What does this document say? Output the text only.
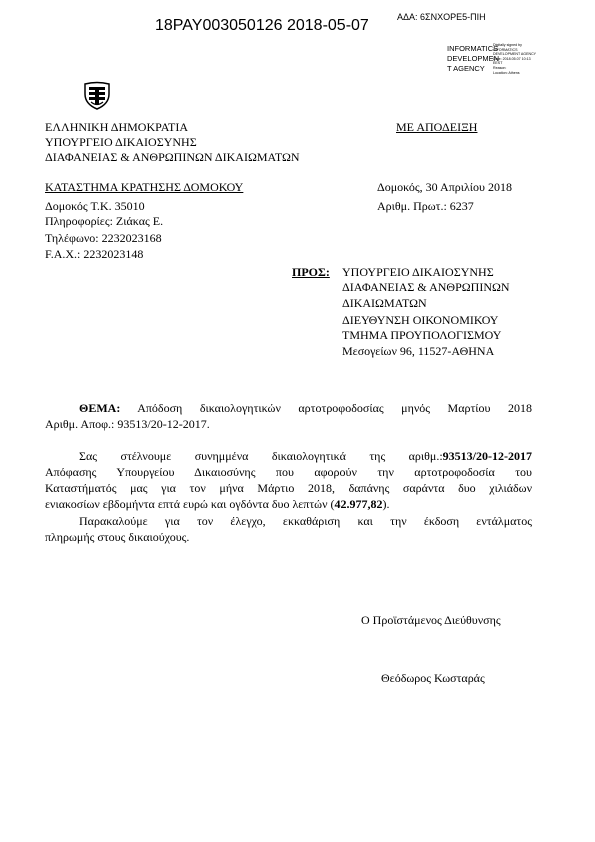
18PAY003050126 2018-05-07	ΑΔΑ: 6ΣΝΧΟΡΕ5-ΠΙΗ
INFORMATICS
DEVELOPMEN
T AGENCY
Digitally signed by
INFORMATICS
DEVELOPMENT AGENCY
Date: 2018.05.07 10:13
EEST
Reason:
Location: Athens
ΕΛΛΗΝΙΚΗ ΔΗΜΟΚΡΑΤΙΑ
ΥΠΟΥΡΓΕΙΟ ΔΙΚΑΙΟΣΥΝΗΣ
ΔΙΑΦΑΝΕΙΑΣ & ΑΝΘΡΩΠΙΝΩΝ ΔΙΚΑΙΩΜΑΤΩΝ
ΜΕ ΑΠΟΔΕΙΞΗ
ΚΑΤΑΣΤΗΜΑ ΚΡΑΤΗΣΗΣ ΔΟΜΟΚΟΥ
Δομοκός Τ.Κ. 35010
Πληροφορίες: Ζιάκας Ε.
Τηλέφωνο: 2232023168
F.A.X.: 2232023148
Δομοκός, 30 Απριλίου 2018
Αριθμ. Πρωτ.: 6237
ΠΡΟΣ: ΥΠΟΥΡΓΕΙΟ ΔΙΚΑΙΟΣΥΝΗΣ
ΔΙΑΦΑΝΕΙΑΣ & ΑΝΘΡΩΠΙΝΩΝ
ΔΙΚΑΙΩΜΑΤΩΝ
ΔΙΕΥΘΥΝΣΗ ΟΙΚΟΝΟΜΙΚΟΥ
ΤΜΗΜΑ ΠΡΟΥΠΟΛΟΓΙΣΜΟΥ
Μεσογείων 96, 11527-ΑΘΗΝΑ
ΘΕΜΑ: Απόδοση δικαιολογητικών αρτοτροφοδοσίας μηνός Μαρτίου 2018
Αριθμ. Αποφ.: 93513/20-12-2017.
Σας στέλνουμε συνημμένα δικαιολογητικά της αριθμ.:93513/20-12-2017
Απόφασης Υπουργείου Δικαιοσύνης που αφορούν την αρτοτροφοδοσία του
Καταστήματός μας για τον μήνα Μάρτιο 2018, δαπάνης σαράντα δυο χιλιάδων
ενιακοσίων εβδομήντα επτά ευρώ και ογδόντα δυο λεπτών (42.977,82).
Παρακαλούμε για τον έλεγχο, εκκαθάριση και την έκδοση εντάλματος
πληρωμής στους δικαιούχους.
Ο Προϊστάμενος Διεύθυνσης
Θεόδωρος Κωσταράς
